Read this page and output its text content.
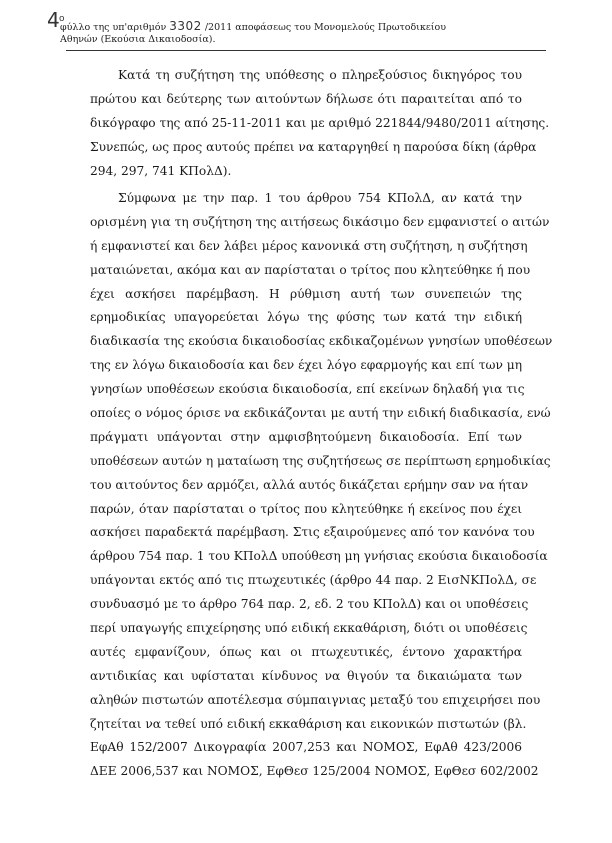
4 ο
φύλλο της υπ'αριθμόν 3302 /2011 αποφάσεως του Μονομελούς Πρωτοδικείου
Αθηνών (Εκούσια Δικαιοδοσία).
Κατά τη συζήτηση της υπόθεσης ο πληρεξούσιος δικηγόρος του
πρώτου και δεύτερης των αιτούντων δήλωσε ότι παραιτείται από το
δικόγραφο της από 25-11-2011 και με αριθμό 221844/9480/2011 αίτησης.
Συνεπώς, ως προς αυτούς πρέπει να καταργηθεί η παρούσα δίκη (άρθρα
294, 297, 741 ΚΠολΔ).
Σύμφωνα με την παρ. 1 του άρθρου 754 ΚΠολΔ, αν κατά την
ορισμένη για τη συζήτηση της αιτήσεως δικάσιμο δεν εμφανιστεί ο αιτών
ή εμφανιστεί και δεν λάβει μέρος κανονικά στη συζήτηση, η συζήτηση
ματαιώνεται, ακόμα και αν παρίσταται ο τρίτος που κλητεύθηκε ή που
έχει ασκήσει παρέμβαση. Η ρύθμιση αυτή των συνεπειών της
ερημοδικίας υπαγορεύεται λόγω της φύσης των κατά την ειδική
διαδικασία της εκούσια δικαιοδοσίας εκδικαζομένων γνησίων υποθέσεων
της εν λόγω δικαιοδοσία και δεν έχει λόγο εφαρμογής και επί των μη
γνησίων υποθέσεων εκούσια δικαιοδοσία, επί εκείνων δηλαδή για τις
οποίες ο νόμος όρισε να εκδικάζονται με αυτή την ειδική διαδικασία, ενώ
πράγματι υπάγονται στην αμφισβητούμενη δικαιοδοσία. Επί των
υποθέσεων αυτών η ματαίωση της συζητήσεως σε περίπτωση ερημοδικίας
του αιτούντος δεν αρμόζει, αλλά αυτός δικάζεται ερήμην σαν να ήταν
παρών, όταν παρίσταται ο τρίτος που κλητεύθηκε ή εκείνος που έχει
ασκήσει παραδεκτά παρέμβαση. Στις εξαιρούμενες από τον κανόνα του
άρθρου 754 παρ. 1 του ΚΠολΔ υπούθεση μη γνήσιας εκούσια δικαιοδοσία
υπάγονται εκτός από τις πτωχευτικές (άρθρο 44 παρ. 2 ΕισΝΚΠολΔ, σε
συνδυασμό με το άρθρο 764 παρ. 2, εδ. 2 του ΚΠολΔ) και οι υποθέσεις
περί υπαγωγής επιχείρησης υπό ειδική εκκαθάριση, διότι οι υποθέσεις
αυτές εμφανίζουν, όπως και οι πτωχευτικές, έντονο χαρακτήρα
αντιδικίας και υφίσταται κίνδυνος να θιγούν τα δικαιώματα των
αληθών πιστωτών αποτέλεσμα σύμπαιγνιας μεταξύ του επιχειρήσει που
ζητείται να τεθεί υπό ειδική εκκαθάριση και εικονικών πιστωτών (βλ.
ΕφΑθ 152/2007 Δικογραφία 2007,253 και ΝΟΜΟΣ, ΕφΑθ 423/2006
ΔΕΕ 2006,537 και ΝΟΜΟΣ, ΕφΘεσ 125/2004 ΝΟΜΟΣ, ΕφΘεσ 602/2002
